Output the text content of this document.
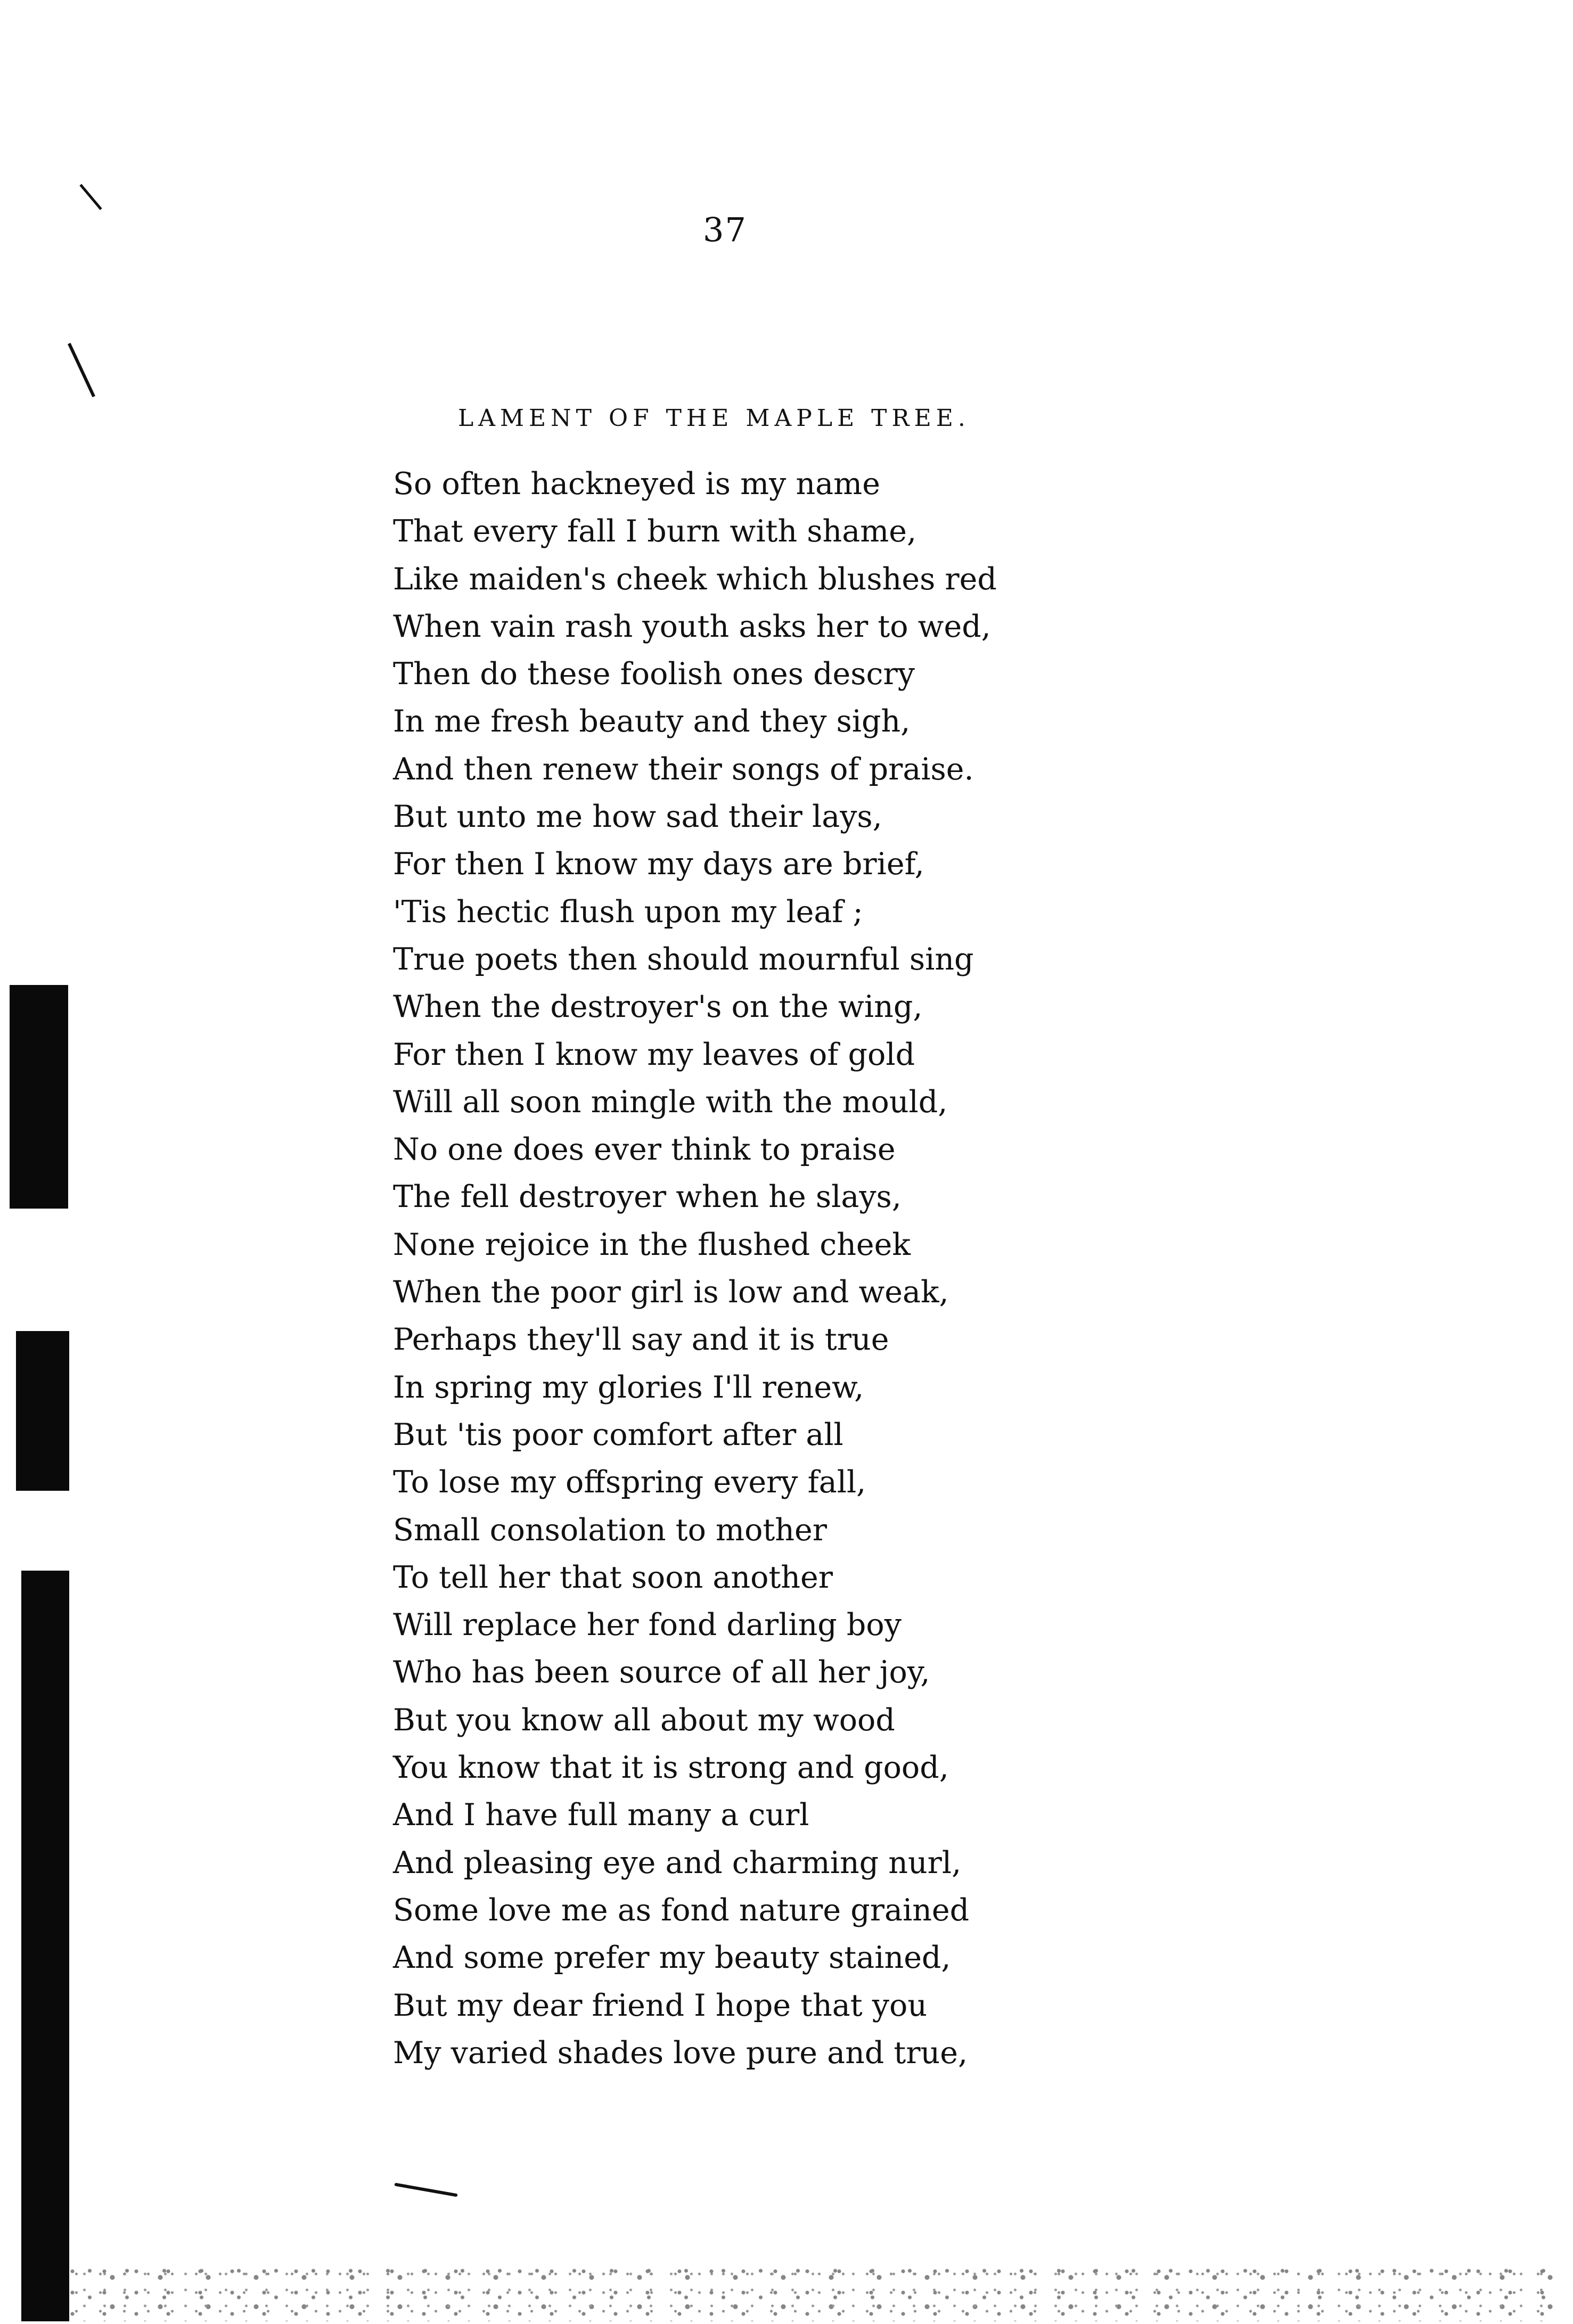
37
LAMENT OF THE MAPLE TREE.
So often hackneyed is my name
That every fall I burn with shame,
Like maiden's cheek which blushes red
When vain rash youth asks her to wed,
Then do these foolish ones descry
In me fresh beauty and they sigh,
And then renew their songs of praise.
But unto me how sad their lays,
For then I know my days are brief,
'Tis hectic flush upon my leaf ;
True poets then should mournful sing
When the destroyer's on the wing,
For then I know my leaves of gold
Will all soon mingle with the mould,
No one does ever think to praise
The fell destroyer when he slays,
None rejoice in the flushed cheek
When the poor girl is low and weak,
Perhaps they'll say and it is true
In spring my glories I'll renew,
But 'tis poor comfort after all
To lose my offspring every fall,
Small consolation to mother
To tell her that soon another
Will replace her fond darling boy
Who has been source of all her joy,
But you know all about my wood
You know that it is strong and good,
And I have full many a curl
And pleasing eye and charming nurl,
Some love me as fond nature grained
And some prefer my beauty stained,
But my dear friend I hope that you
My varied shades love pure and true,
